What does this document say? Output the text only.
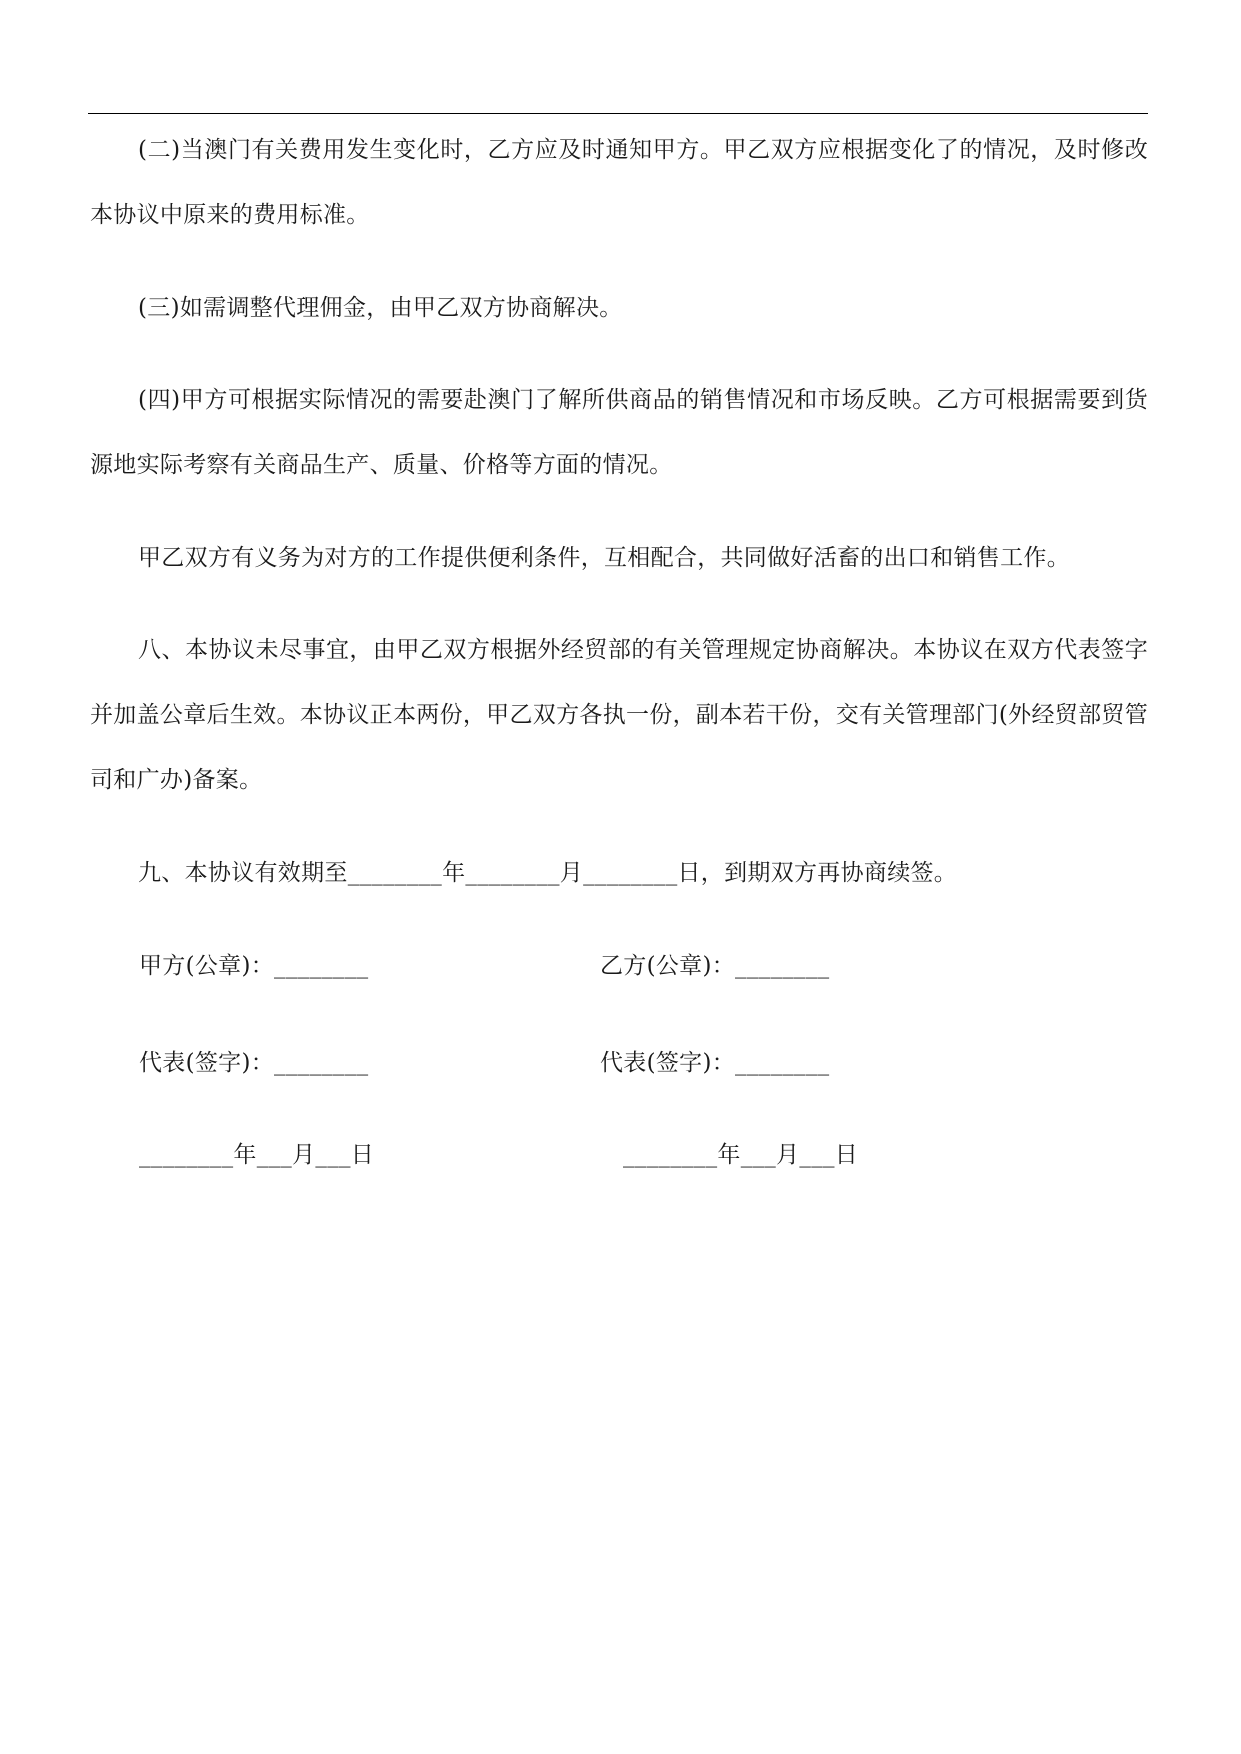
(二)当澳门有关费用发生变化时，乙方应及时通知甲方。甲乙双方应根据变化了的情况，及时修改本协议中原来的费用标准。

(三)如需调整代理佣金，由甲乙双方协商解决。

(四)甲方可根据实际情况的需要赴澳门了解所供商品的销售情况和市场反映。乙方可根据需要到货源地实际考察有关商品生产、质量、价格等方面的情况。

甲乙双方有义务为对方的工作提供便利条件，互相配合，共同做好活畜的出口和销售工作。

八、本协议未尽事宜，由甲乙双方根据外经贸部的有关管理规定协商解决。本协议在双方代表签字并加盖公章后生效。本协议正本两份，甲乙双方各执一份，副本若干份，交有关管理部门(外经贸部贸管司和广办)备案。

九、本协议有效期至________年________月________日，到期双方再协商续签。

甲方(公章)：________	乙方(公章)：________
代表(签字)：________	代表(签字)：________
________年___月___日	________年___月___日
